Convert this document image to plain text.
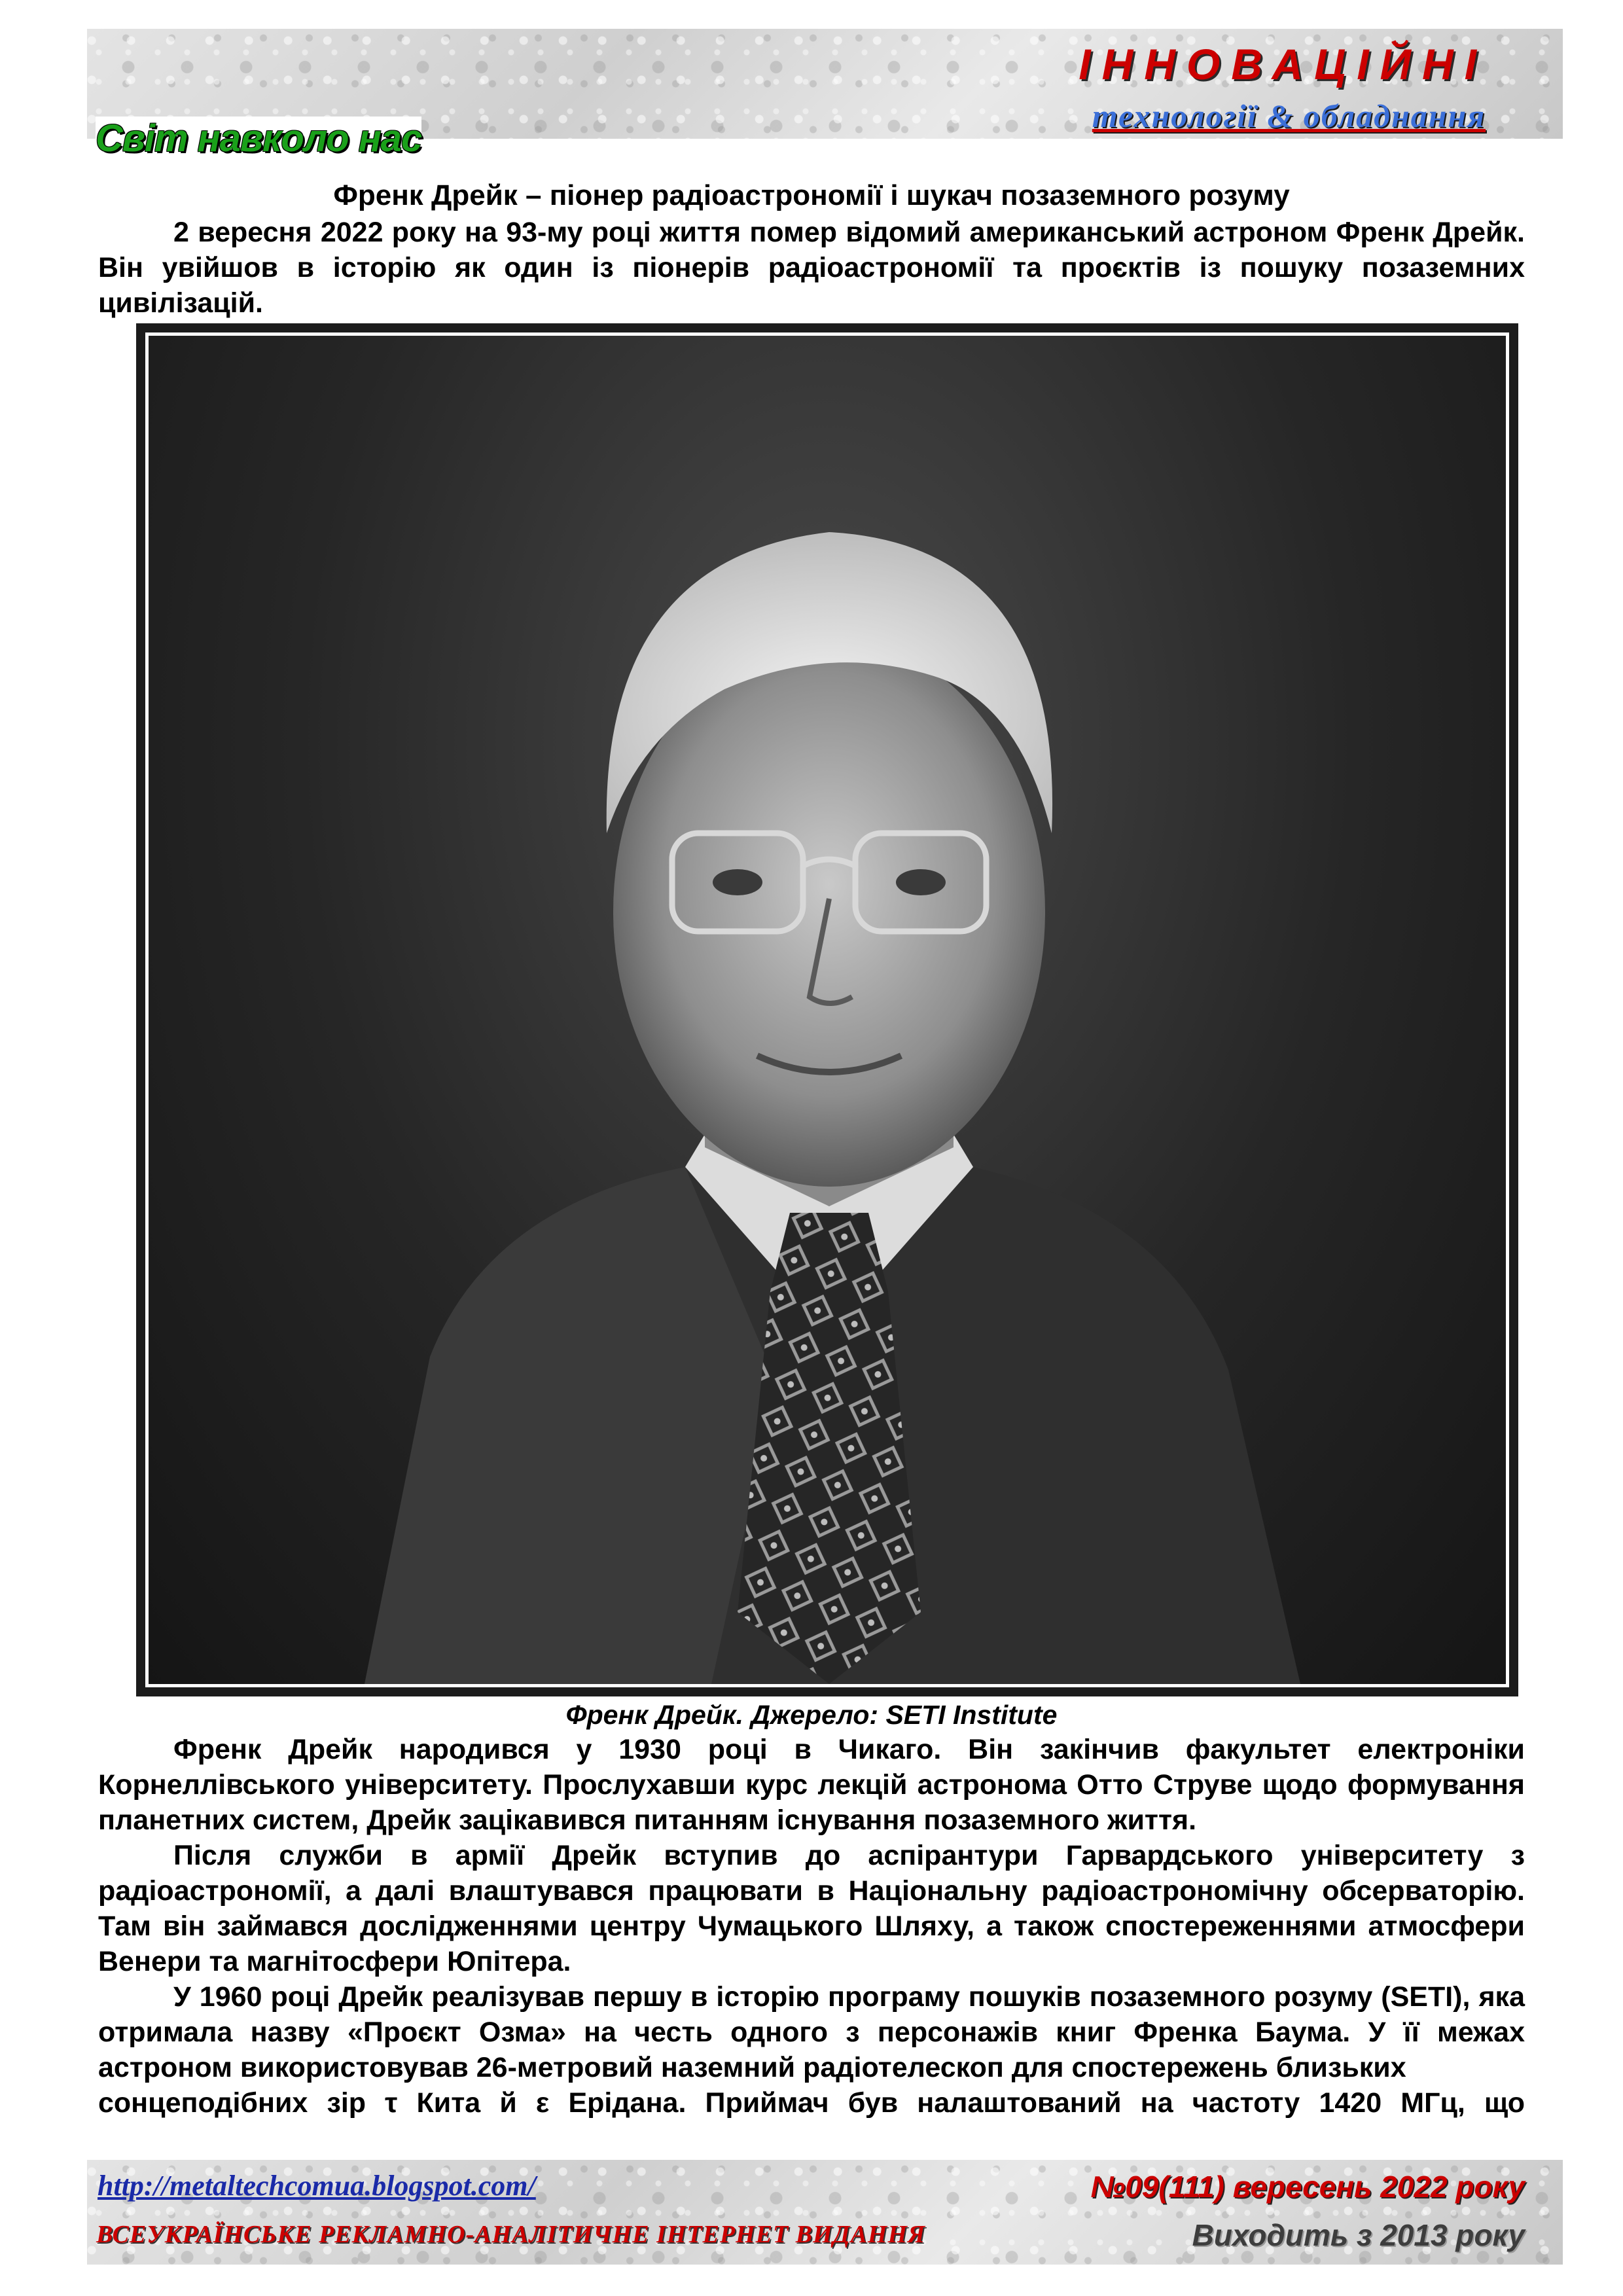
ІННОВАЦІЙНІ

технології & обладнання

Світ навколо нас

Френк Дрейк – піонер радіоастрономії і шукач позаземного розуму

2 вересня 2022 року на 93-му році життя помер відомий американський астроном Френк Дрейк. Він увійшов в історію як один із піонерів радіоастрономії та проєктів із пошуку позаземних цивілізацій.

Френк Дрейк. Джерело: SETI Institute

Френк Дрейк народився у 1930 році в Чикаго. Він закінчив факультет електроніки Корнеллівського університету. Прослухавши курс лекцій астронома Отто Струве щодо формування планетних систем, Дрейк зацікавився питанням існування позаземного життя.

Після служби в армії Дрейк вступив до аспірантури Гарвардського університету з радіоастрономії, а далі влаштувався працювати в Національну радіоастрономічну обсерваторію. Там він займався дослідженнями центру Чумацького Шляху, а також спостереженнями атмосфери Венери та магнітосфери Юпітера.

У 1960 році Дрейк реалізував першу в історію програму пошуків позаземного розуму (SETI), яка отримала назву «Проєкт Озма» на честь одного з персонажів книг Френка Баума. У її межах астроном використовував 26-метровий наземний радіотелескоп для спостережень близьких

сонцеподібних зір τ Кита й ε Ерідана. Приймач був налаштований на частоту 1420 МГц, що

http://metaltechcomua.blogspot.com/

ВСЕУКРАЇНСЬКЕ РЕКЛАМНО-АНАЛІТИЧНЕ ІНТЕРНЕТ ВИДАННЯ

№09(111) вересень 2022 року

Виходить з 2013 року
